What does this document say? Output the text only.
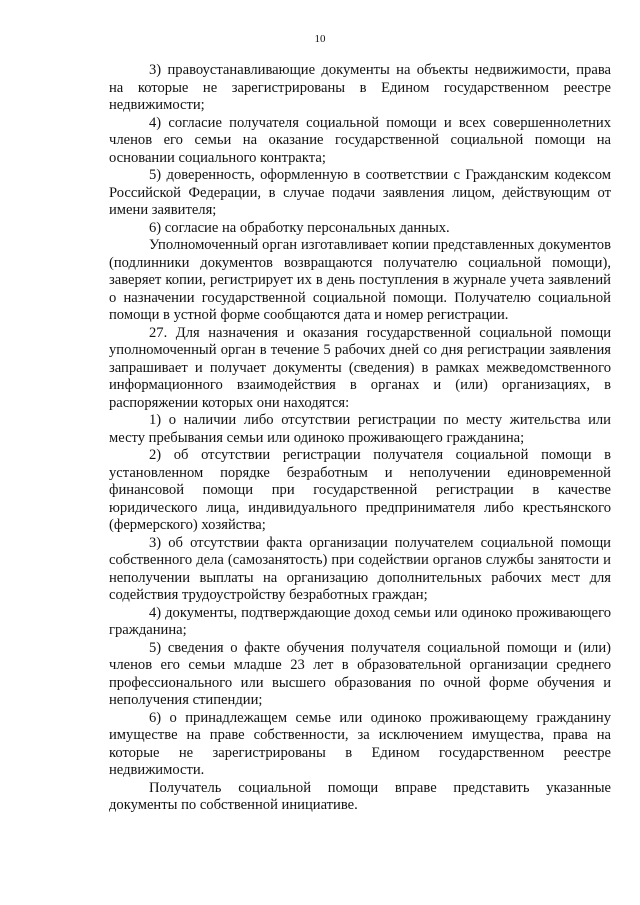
10

3) правоустанавливающие документы на объекты недвижимости, права на которые не зарегистрированы в Едином государственном реестре недвижимости;

4) согласие получателя социальной помощи и всех совершеннолетних членов его семьи на оказание государственной социальной помощи на основании социального контракта;

5) доверенность, оформленную в соответствии с Гражданским кодексом Российской Федерации, в случае подачи заявления лицом, действующим от имени заявителя;

6) согласие на обработку персональных данных.

Уполномоченный орган изготавливает копии представленных документов (подлинники документов возвращаются получателю социальной помощи), заверяет копии, регистрирует их в день поступления в журнале учета заявлений о назначении государственной социальной помощи. Получателю социальной помощи в устной форме сообщаются дата и номер регистрации.

27. Для назначения и оказания государственной социальной помощи уполномоченный орган в течение 5 рабочих дней со дня регистрации заявления запрашивает и получает документы (сведения) в рамках межведомственного информационного взаимодействия в органах и (или) организациях, в распоряжении которых они находятся:

1) о наличии либо отсутствии регистрации по месту жительства или месту пребывания семьи или одиноко проживающего гражданина;

2) об отсутствии регистрации получателя социальной помощи в установленном порядке безработным и неполучении единовременной финансовой помощи при государственной регистрации в качестве юридического лица, индивидуального предпринимателя либо крестьянского (фермерского) хозяйства;

3) об отсутствии факта организации получателем социальной помощи собственного дела (самозанятость) при содействии органов службы занятости и неполучении выплаты на организацию дополнительных рабочих мест для содействия трудоустройству безработных граждан;

4) документы, подтверждающие доход семьи или одиноко проживающего гражданина;

5) сведения о факте обучения получателя социальной помощи и (или) членов его семьи младше 23 лет в образовательной организации среднего профессионального или высшего образования по очной форме обучения и неполучения стипендии;

6) о принадлежащем семье или одиноко проживающему гражданину имуществе на праве собственности, за исключением имущества, права на которые не зарегистрированы в Едином государственном реестре недвижимости.

Получатель социальной помощи вправе представить указанные документы по собственной инициативе.
